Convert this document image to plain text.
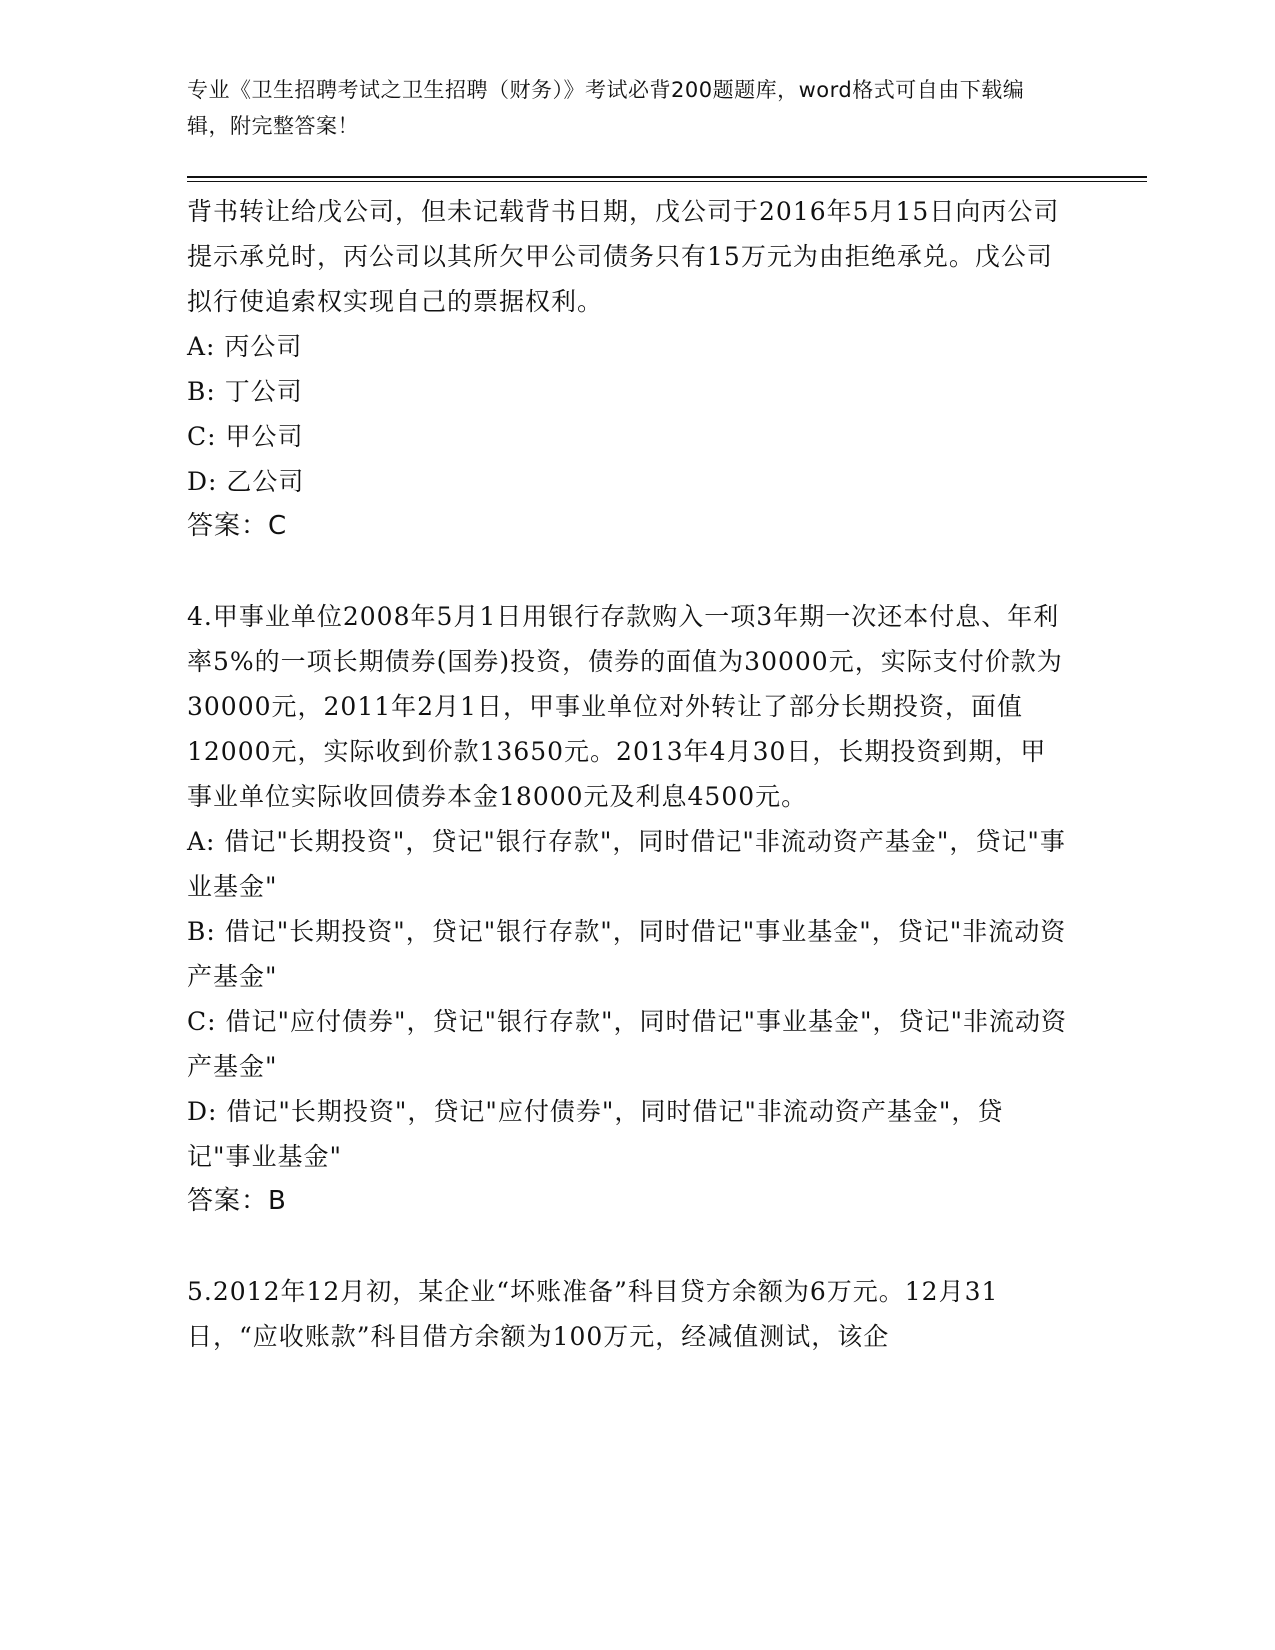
专业《卫生招聘考试之卫生招聘（财务）》考试必背200题题库，word格式可自由下载编辑，附完整答案！

背书转让给戊公司，但未记载背书日期，戊公司于2016年5月15日向丙公司提示承兑时，丙公司以其所欠甲公司债务只有15万元为由拒绝承兑。戊公司拟行使追索权实现自己的票据权利。

A: 丙公司

B: 丁公司

C: 甲公司

D: 乙公司

答案：C

4.甲事业单位2008年5月1日用银行存款购入一项3年期一次还本付息、年利率5%的一项长期债券(国券)投资，债券的面值为30000元，实际支付价款为30000元，2011年2月1日，甲事业单位对外转让了部分长期投资，面值12000元，实际收到价款13650元。2013年4月30日，长期投资到期，甲事业单位实际收回债券本金18000元及利息4500元。

A: 借记"长期投资"，贷记"银行存款"，同时借记"非流动资产基金"，贷记"事业基金"

B: 借记"长期投资"，贷记"银行存款"，同时借记"事业基金"，贷记"非流动资产基金"

C: 借记"应付债券"，贷记"银行存款"，同时借记"事业基金"，贷记"非流动资产基金"

D: 借记"长期投资"，贷记"应付债券"，同时借记"非流动资产基金"，贷记"事业基金"

答案：B

5.2012年12月初，某企业“坏账准备”科目贷方余额为6万元。12月31日，“应收账款”科目借方余额为100万元，经减值测试，该企
